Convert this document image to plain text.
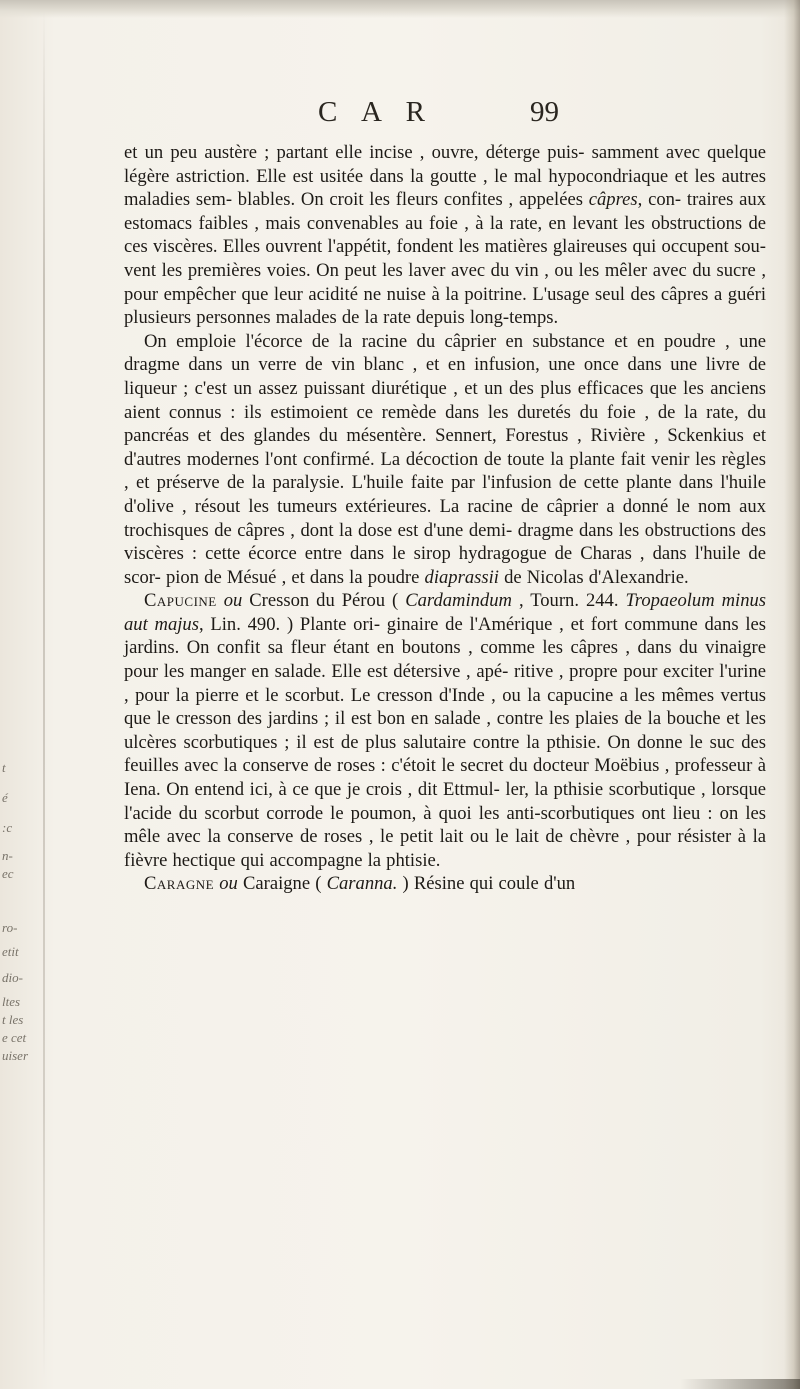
t
é
:c
n-
ec
ro-
etit
dio-
ltes
t les
e cet
uiser
C A R	99

et un peu austère ; partant elle incise , ouvre, déterge puis- samment avec quelque légère astriction. Elle est usitée dans la goutte , le mal hypocondriaque et les autres maladies sem- blables. On croit les fleurs confites , appelées câpres, con- traires aux estomacs faibles , mais convenables au foie , à la rate, en levant les obstructions de ces viscères. Elles ouvrent l'appétit, fondent les matières glaireuses qui occupent sou- vent les premières voies. On peut les laver avec du vin , ou les mêler avec du sucre , pour empêcher que leur acidité ne nuise à la poitrine. L'usage seul des câpres a guéri plusieurs personnes malades de la rate depuis long-temps.

On emploie l'écorce de la racine du câprier en substance et en poudre , une dragme dans un verre de vin blanc , et en infusion, une once dans une livre de liqueur ; c'est un assez puissant diurétique , et un des plus efficaces que les anciens aient connus : ils estimoient ce remède dans les duretés du foie , de la rate, du pancréas et des glandes du mésentère. Sennert, Forestus , Rivière , Sckenkius et d'autres modernes l'ont confirmé. La décoction de toute la plante fait venir les règles , et préserve de la paralysie. L'huile faite par l'infusion de cette plante dans l'huile d'olive , résout les tumeurs extérieures. La racine de câprier a donné le nom aux trochisques de câpres , dont la dose est d'une demi- dragme dans les obstructions des viscères : cette écorce entre dans le sirop hydragogue de Charas , dans l'huile de scor- pion de Mésué , et dans la poudre diaprassii de Nicolas d'Alexandrie.

Capucine ou Cresson du Pérou ( Cardamindum , Tourn. 244. Tropaeolum minus aut majus, Lin. 490. ) Plante ori- ginaire de l'Amérique , et fort commune dans les jardins. On confit sa fleur étant en boutons , comme les câpres , dans du vinaigre pour les manger en salade. Elle est détersive , apé- ritive , propre pour exciter l'urine , pour la pierre et le scorbut. Le cresson d'Inde , ou la capucine a les mêmes vertus que le cresson des jardins ; il est bon en salade , contre les plaies de la bouche et les ulcères scorbutiques ; il est de plus salutaire contre la pthisie. On donne le suc des feuilles avec la conserve de roses : c'étoit le secret du docteur Moëbius , professeur à Iena. On entend ici, à ce que je crois , dit Ettmul- ler, la pthisie scorbutique , lorsque l'acide du scorbut corrode le poumon, à quoi les anti-scorbutiques ont lieu : on les mêle avec la conserve de roses , le petit lait ou le lait de chèvre , pour résister à la fièvre hectique qui accompagne la phtisie.

Caragne ou Caraigne ( Caranna. ) Résine qui coule d'un
